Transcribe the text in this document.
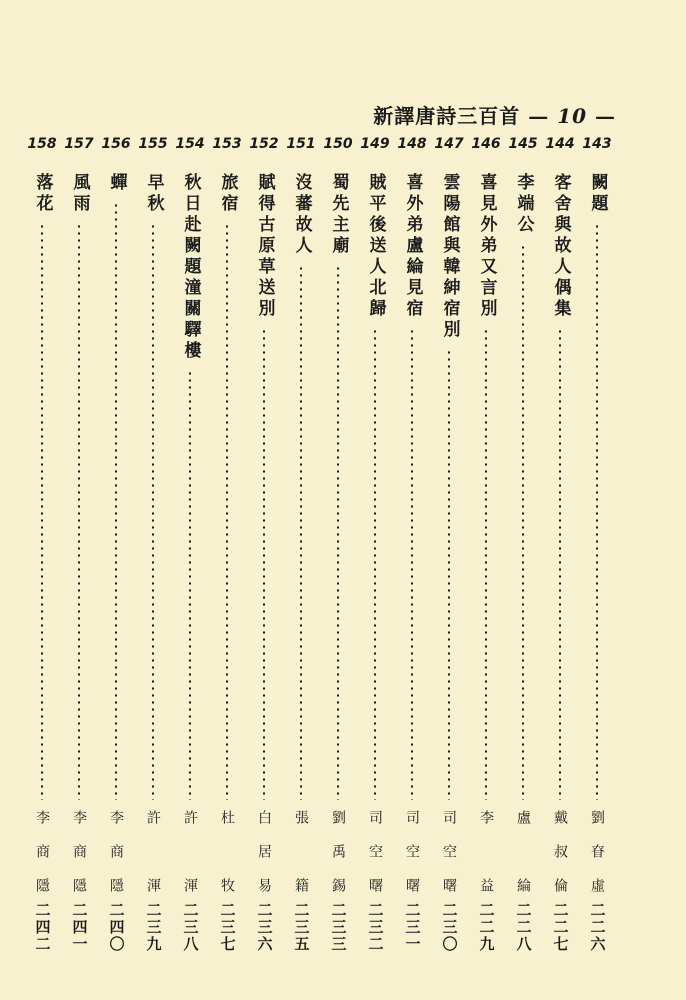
新譯唐詩三百首 — 10 —
143
闕題
劉眘虛
二二六
144
客舍與故人偶集
戴叔倫
二二七
145
李端公
盧綸
二二八
146
喜見外弟又言別
李益
二二九
147
雲陽館與韓紳宿別
司空曙
二三〇
148
喜外弟盧綸見宿
司空曙
二三一
149
賊平後送人北歸
司空曙
二三二
150
蜀先主廟
劉禹錫
二三三
151
沒蕃故人
張籍
二三五
152
賦得古原草送別
白居易
二三六
153
旅宿
杜牧
二三七
154
秋日赴闕題潼關驛樓
許渾
二三八
155
早秋
許渾
二三九
156
蟬
李商隱
二四〇
157
風雨
李商隱
二四一
158
落花
李商隱
二四二
